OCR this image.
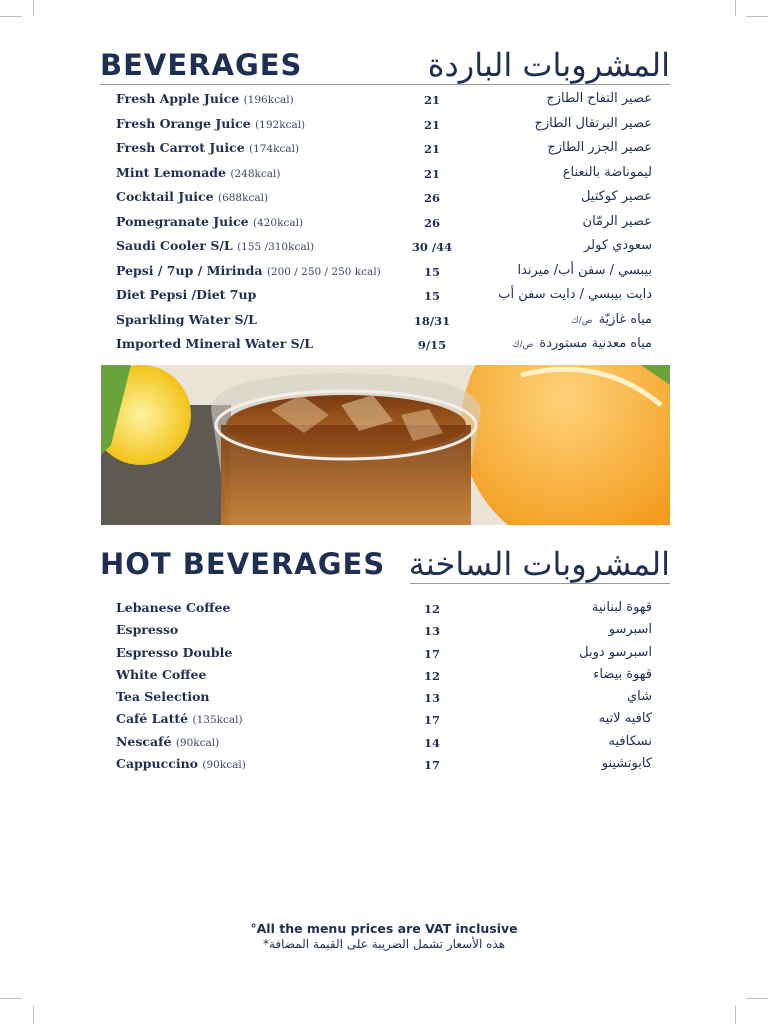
BEVERAGES	المشروبات الباردة
Fresh Apple Juice (196kcal)	21	عصير التفاح الطازج
Fresh Orange Juice (192kcal)	21	عصير البرتقال الطازج
Fresh Carrot Juice (174kcal)	21	عصير الجزر الطازج
Mint Lemonade (248kcal)	21	ليموناضة بالنعناع
Cocktail Juice (688kcal)	26	عصير كوكتيل
Pomegranate Juice (420kcal)	26	عصير الرمّان
Saudi Cooler S/L (155 /310kcal)	30 /44	سعودي كولر
Pepsi / 7up / Mirinda (200 / 250 / 250 kcal)	15	بيبسي / سفن أب/ ميرندا
Diet Pepsi /Diet 7up	15	دايت بيبسي / دايت سفن أب
Sparkling Water S/L	18/31	مياه غازيّةص/ك
Imported Mineral Water S/L	9/15	مياه معدنية مستوردةص/ك
HOT BEVERAGES المشروبات الساخنة
Lebanese Coffee	12	قهوة لبنانية
Espresso	13	اسبرسو
Espresso Double	17	اسبرسو دوبل
White Coffee	12	قهوة بيضاء
Tea Selection	13	شاي
Café Latté (135kcal)	17	كافيه لاتيه
Nescafé (90kcal)	14	نسكافيه
Cappuccino (90kcal)	17	كابوتشينو
°All the menu prices are VAT inclusive
هذه الأسعار تشمل الضريبة على القيمة المضافة*
